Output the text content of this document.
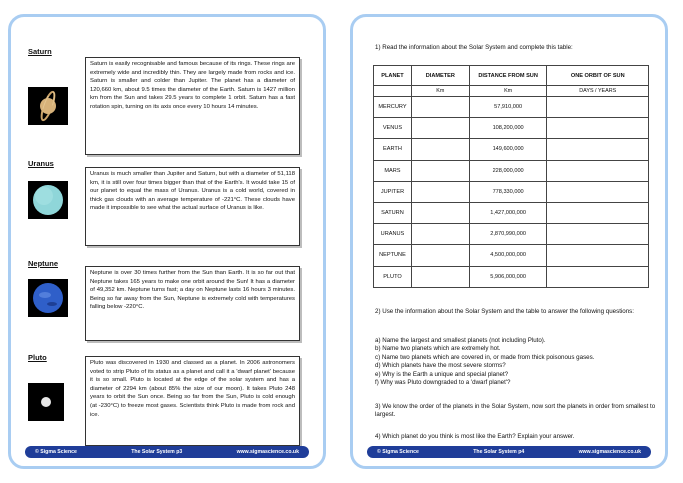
Saturn
Saturn is easily recognisable and famous because of its rings. These rings are extremely wide and incredibly thin. They are largely made from rocks and ice. Saturn is smaller and colder than Jupiter. The planet has a diameter of 120,660 km, about 9.5 times the diameter of the Earth. Saturn is 1427 million km from the Sun and takes 29.5 years to complete 1 orbit. Saturn has a fast rotation spin, turning on its axis once every 10 hours 14 minutes.
Uranus
Uranus is much smaller than Jupiter and Saturn, but with a diameter of 51,118 km, it is still over four times bigger than that of the Earth's. It would take 15 of our planet to equal the mass of Uranus. Uranus is a cold world, covered in thick gas clouds with an average temperature of -221°C. These clouds have made it impossible to see what the actual surface of Uranus is like.
Neptune
Neptune is over 30 times further from the Sun than Earth. It is so far out that Neptune takes 165 years to make one orbit around the Sun! It has a diameter of 49,352 km. Neptune turns fast; a day on Neptune lasts 16 hours 3 minutes. Being so far away from the Sun, Neptune is extremely cold with temperatures falling below -220°C.
Pluto
Pluto was discovered in 1930 and classed as a planet. In 2006 astronomers voted to strip Pluto of its status as a planet and call it a 'dwarf planet' because it is so small. Pluto is located at the edge of the solar system and has a diameter of 2294 km (about 85% the size of our moon). It takes Pluto 248 years to orbit the Sun once. Being so far from the Sun, Pluto is cold enough (at -230°C) to freeze most gases. Scientists think Pluto is made from rock and ice.
© Sigma Science	The Solar System p3	www.sigmascience.co.uk
1) Read the information about the Solar System and complete this table:
PLANET	DIAMETER	DISTANCE FROM SUN	ONE ORBIT OF SUN
	Km	Km	DAYS / YEARS
MERCURY		57,910,000	
VENUS		108,200,000	
EARTH		149,600,000	
MARS		228,000,000	
JUPITER		778,330,000	
SATURN		1,427,000,000	
URANUS		2,870,990,000	
NEPTUNE		4,500,000,000	
PLUTO		5,906,000,000	
2) Use the information about the Solar System and the table to answer the following questions:
a) Name the largest and smallest planets (not including Pluto).
b) Name two planets which are extremely hot.
c) Name two planets which are covered in, or made from thick poisonous gases.
d) Which planets have the most severe storms?
e) Why is the Earth a unique and special planet?
f) Why was Pluto downgraded to a 'dwarf planet'?
3) We know the order of the planets in the Solar System, now sort the planets in order from smallest to largest.
4) Which planet do you think is most like the Earth? Explain your answer.
© Sigma Science	The Solar System p4	www.sigmascience.co.uk
